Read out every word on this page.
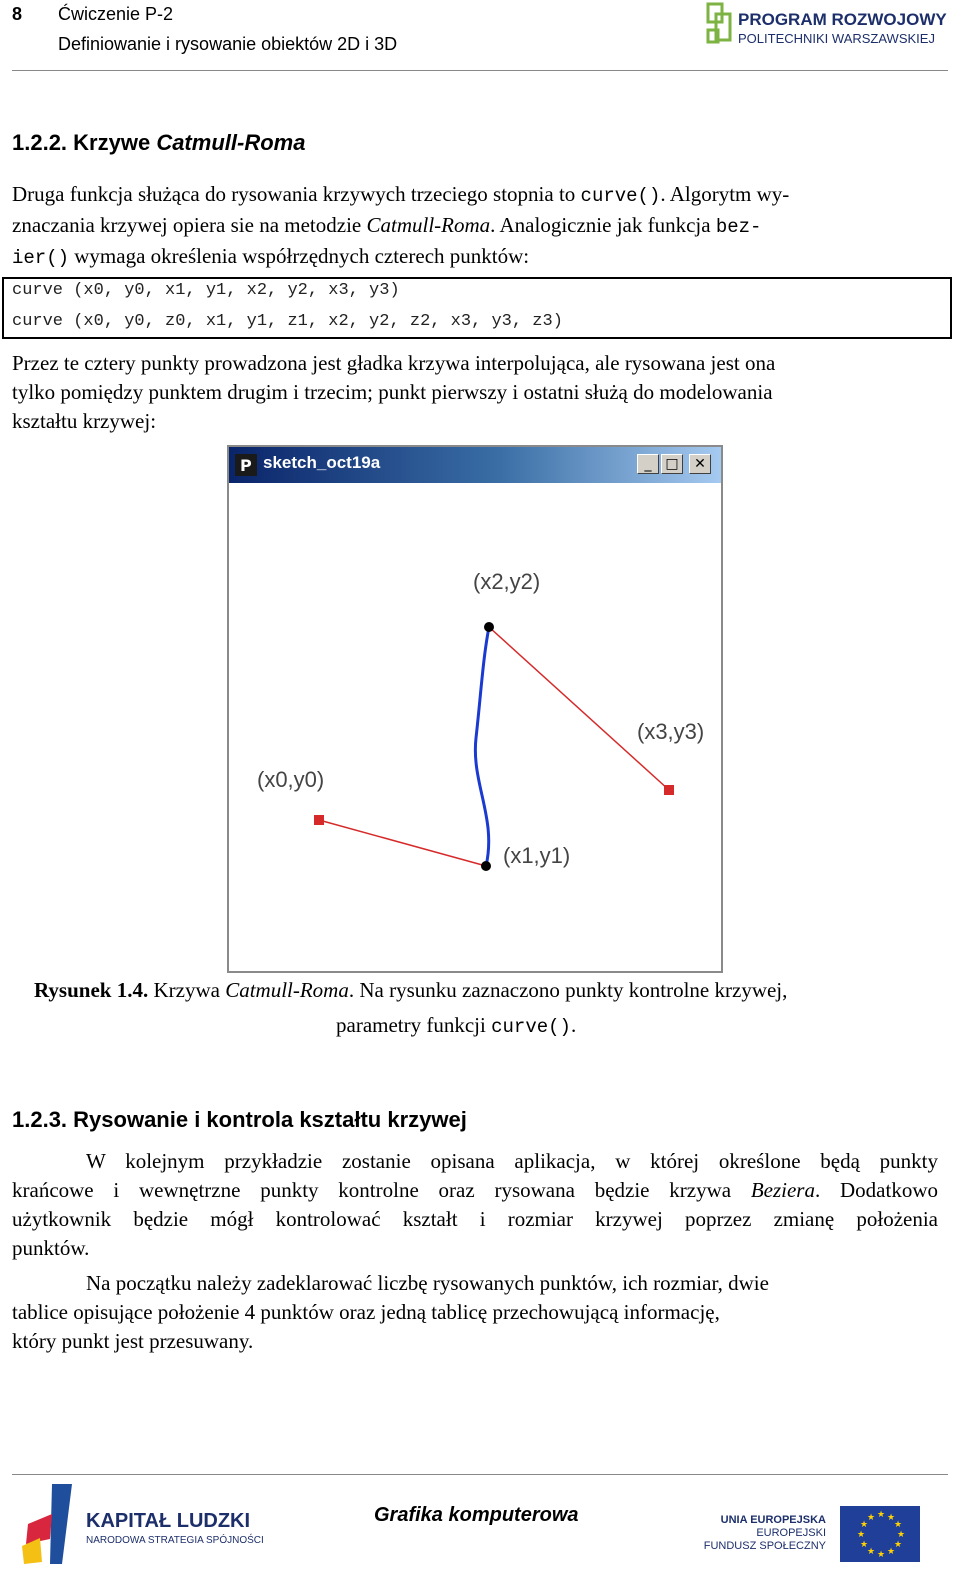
8 Ćwiczenie P-2
Definiowanie i rysowanie obiektów 2D i 3D
PROGRAM ROZWOJOWY
POLITECHNIKI WARSZAWSKIEJ
1.2.2. Krzywe Catmull-Roma
Druga funkcja służąca do rysowania krzywych trzeciego stopnia to curve(). Algorytm wy-
znaczania krzywej opiera sie na metodzie Catmull-Roma. Analogicznie jak funkcja bez-
ier() wymaga określenia współrzędnych czterech punktów:
curve (x0, y0, x1, y1, x2, y2, x3, y3)
curve (x0, y0, z0, x1, y1, z1, x2, y2, z2, x3, y3, z3)
Przez te cztery punkty prowadzona jest gładka krzywa interpolująca, ale rysowana jest ona
tylko pomiędzy punktem drugim i trzecim; punkt pierwszy i ostatni służą do modelowania
kształtu krzywej:
P sketch_oct19a	_ □	✕
(x2,y2)
(x3,y3)
(x0,y0)
(x1,y1)
Rysunek 1.4. Krzywa Catmull-Roma. Na rysunku zaznaczono punkty kontrolne krzywej,
parametry funkcji curve().
1.2.3. Rysowanie i kontrola kształtu krzywej
W kolejnym przykładzie zostanie opisana aplikacja, w której określone będą punkty
krańcowe i wewnętrzne punkty kontrolne oraz rysowana będzie krzywa Beziera. Dodatkowo
użytkownik będzie mógł kontrolować kształt i rozmiar krzywej poprzez zmianę położenia
punktów.
Na początku należy zadeklarować liczbę rysowanych punktów, ich rozmiar, dwie
tablice opisujące położenie 4 punktów oraz jedną tablicę przechowującą informację,
który punkt jest przesuwany.
KAPITAŁ LUDZKI
NARODOWA STRATEGIA SPÓJNOŚCI
Grafika komputerowa	UNIA EUROPEJSKA
EUROPEJSKI
FUNDUSZ SPOŁECZNY
★ ★
★
★
★
★
★
★
★
★
★
★
